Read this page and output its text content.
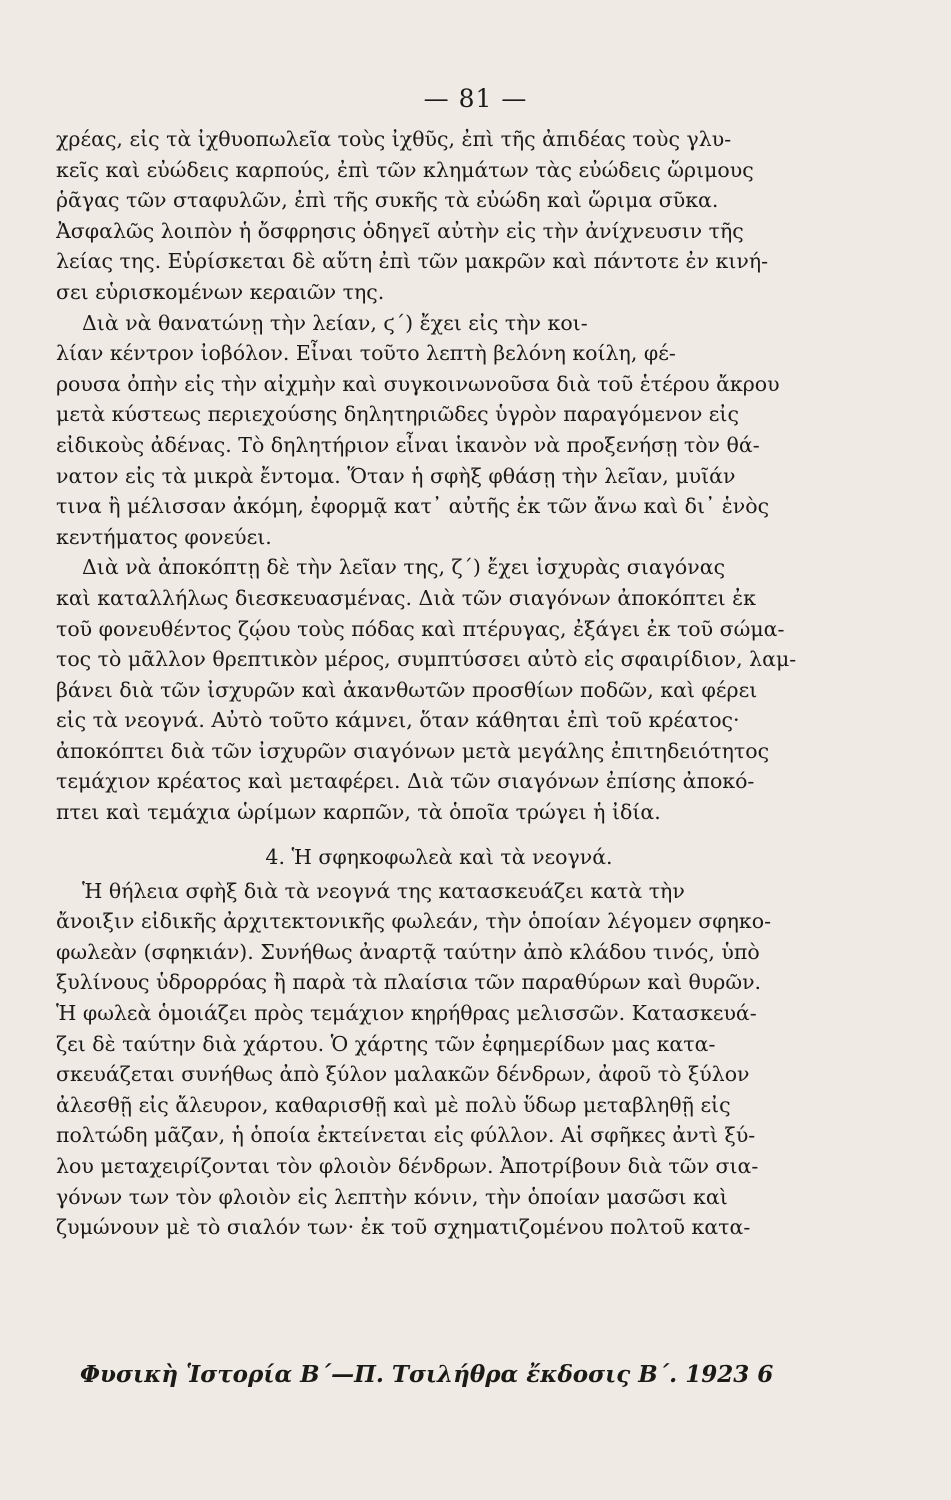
— 81 —
χρέας, εἰς τὰ ἰχθυοπωλεῖα τοὺς ἰχθῦς, ἐπὶ τῆς ἀπιδέας τοὺς γλυ-
κεῖς καὶ εὐώδεις καρπούς, ἐπὶ τῶν κλημάτων τὰς εὐώδεις ὥριμους
ῥᾶγας τῶν σταφυλῶν, ἐπὶ τῆς συκῆς τὰ εὐώδη καὶ ὥριμα σῦκα.
Ἀσφαλῶς λοιπὸν ἡ ὄσφρησις ὁδηγεῖ αὐτὴν εἰς τὴν ἀνίχνευσιν τῆς
λείας της. Εὑρίσκεται δὲ αὕτη ἐπὶ τῶν μακρῶν καὶ πάντοτε ἐν κινή-
σει εὑρισκομένων κεραιῶν της.
Διὰ νὰ θανατώνῃ τὴν λείαν, ϛ΄) ἔχει εἰς τὴν κοι-
λίαν κέντρον ἰοβόλον. Εἶναι τοῦτο λεπτὴ βελόνη κοίλη, φέ-
ρουσα ὀπὴν εἰς τὴν αἰχμὴν καὶ συγκοινωνοῦσα διὰ τοῦ ἑτέρου ἄκρου
μετὰ κύστεως περιεχούσης δηλητηριῶδες ὑγρὸν παραγόμενον εἰς
εἰδικοὺς ἀδένας. Τὸ δηλητήριον εἶναι ἱκανὸν νὰ προξενήσῃ τὸν θά-
νατον εἰς τὰ μικρὰ ἔντομα. Ὅταν ἡ σφὴξ φθάσῃ τὴν λεῖαν, μυῖάν
τινα ἢ μέλισσαν ἀκόμη, ἐφορμᾷ κατ᾽ αὐτῆς ἐκ τῶν ἄνω καὶ δι᾽ ἑνὸς
κεντήματος φονεύει.
Διὰ νὰ ἀποκόπτῃ δὲ τὴν λεῖαν της, ζ΄) ἔχει ἰσχυρὰς σιαγόνας
καὶ καταλλήλως διεσκευασμένας. Διὰ τῶν σιαγόνων ἀποκόπτει ἐκ
τοῦ φονευθέντος ζῴου τοὺς πόδας καὶ πτέρυγας, ἐξάγει ἐκ τοῦ σώμα-
τος τὸ μᾶλλον θρεπτικὸν μέρος, συμπτύσσει αὐτὸ εἰς σφαιρίδιον, λαμ-
βάνει διὰ τῶν ἰσχυρῶν καὶ ἀκανθωτῶν προσθίων ποδῶν, καὶ φέρει
εἰς τὰ νεογνά. Αὐτὸ τοῦτο κάμνει, ὅταν κάθηται ἐπὶ τοῦ κρέατος·
ἀποκόπτει διὰ τῶν ἰσχυρῶν σιαγόνων μετὰ μεγάλης ἐπιτηδειότητος
τεμάχιον κρέατος καὶ μεταφέρει. Διὰ τῶν σιαγόνων ἐπίσης ἀποκό-
πτει καὶ τεμάχια ὡρίμων καρπῶν, τὰ ὁποῖα τρώγει ἡ ἰδία.
4. Ἡ σφηκοφωλεὰ καὶ τὰ νεογνά.
Ἡ θήλεια σφὴξ διὰ τὰ νεογνά της κατασκευάζει κατὰ τὴν
ἄνοιξιν εἰδικῆς ἀρχιτεκτονικῆς φωλεάν, τὴν ὁποίαν λέγομεν σφηκο-
φωλεὰν (σφηκιάν). Συνήθως ἀναρτᾷ ταύτην ἀπὸ κλάδου τινός, ὑπὸ
ξυλίνους ὑδρορρόας ἢ παρὰ τὰ πλαίσια τῶν παραθύρων καὶ θυρῶν.
Ἡ φωλεὰ ὁμοιάζει πρὸς τεμάχιον κηρήθρας μελισσῶν. Κατασκευά-
ζει δὲ ταύτην διὰ χάρτου. Ὁ χάρτης τῶν ἐφημερίδων μας κατα-
σκευάζεται συνήθως ἀπὸ ξύλον μαλακῶν δένδρων, ἀφοῦ τὸ ξύλον
ἀλεσθῇ εἰς ἄλευρον, καθαρισθῇ καὶ μὲ πολὺ ὕδωρ μεταβληθῇ εἰς
πολτώδη μᾶζαν, ἡ ὁποία ἐκτείνεται εἰς φύλλον. Αἱ σφῆκες ἀντὶ ξύ-
λου μεταχειρίζονται τὸν φλοιὸν δένδρων. Ἀποτρίβουν διὰ τῶν σια-
γόνων των τὸν φλοιὸν εἰς λεπτὴν κόνιν, τὴν ὁποίαν μασῶσι καὶ
ζυμώνουν μὲ τὸ σιαλόν των· ἐκ τοῦ σχηματιζομένου πολτοῦ κατα-
Φυσικὴ Ἱστορία Β΄—Π. Τσιλήθρα ἔκδοσις Β΄. 1923 6
